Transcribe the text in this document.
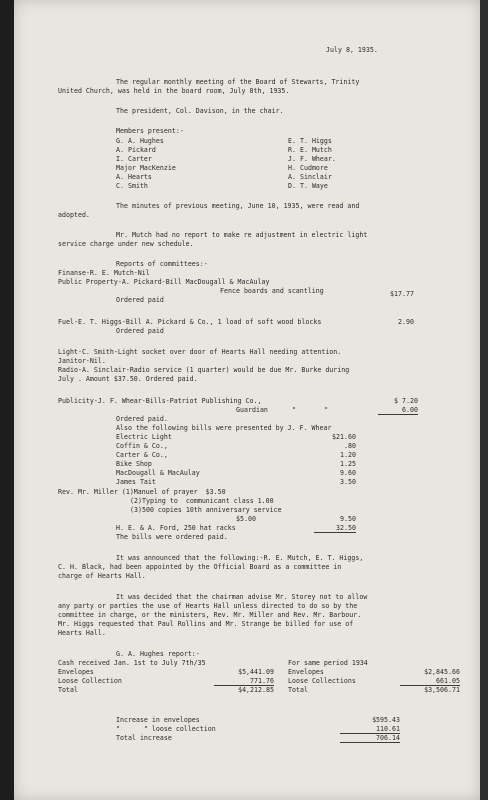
July 8, 1935.
The regular monthly meeting of the Board of Stewarts, Trinity
United Church, was held in the board room, July 8th, 1935.
The president, Col. Davison, in the chair.
Members present:-
G. A. Hughes
A. Pickard
I. Carter
Major MacKenzie
A. Hearts
C. Smith
E. T. Higgs
R. E. Mutch
J. F. Whear.
H. Cudmore
A. Sinclair
D. T. Waye
The minutes of previous meeting, June 10, 1935, were read and
adopted.
Mr. Mutch had no report to make re adjustment in electric light
service charge under new schedule.
Reports of committees:-
Finanse-R. E. Mutch-Nil
Public Property-A. Pickard-Bill MacDougall & MacAulay
Fence boards and scantling	$17.77
Ordered paid
Fuel-E. T. Higgs-Bill A. Pickard & Co., 1 load of soft wood blocks	2.90
Ordered paid
Light-C. Smith-Light socket over door of Hearts Hall needing attention.
Janitor-Nil.
Radio-A. Sinclair-Radio service (1 quarter) would be due Mr. Burke during
July . Amount $37.50. Ordered paid.
Publicity-J. F. Whear-Bills-Patriot Publishing Co.,	$ 7.20
Guardian      "       "	6.00
Ordered paid.
Also the following bills were presented by J. F. Whear
Electric Light	$21.60
Coffin & Co.,	.80
Carter & Co.,	1.20
Bike Shop	1.25
MacDougall & MacAulay	9.60
James Tait	3.50
Rev. Mr. Miller (1)Manuel of prayer  $3.50
(2)Typing to  communicant class 1.00
(3)500 copies 10th anniversary service
$5.00	9.50
H. E. & A. Ford, 250 hat racks	32.50
The bills were ordered paid.
It was announced that the following:-R. E. Mutch, E. T. Higgs,
C. H. Black, had been appointed by the Official Board as a committee in
charge of Hearts Hall.
It was decided that the chairman advise Mr. Storey not to allow
any party or parties the use of Hearts Hall unless directed to do so by the
committee in charge, or the ministers, Rev. Mr. Miller and Rev. Mr. Barbour.
Mr. Higgs requested that Paul Rollins and Mr. Strange be billed for use of
Hearts Hall.
G. A. Hughes report:-
Cash received Jan. 1st to July 7th/35	For same period 1934
Envelopes	$5,441.09
Loose Collection	771.76
Total	$4,212.85
Envelopes	$2,845.66
Loose Collections	661.05
Total	$3,506.71
Increase in envelopes	$595.43
"      " loose collection	110.61
Total increase	706.14
